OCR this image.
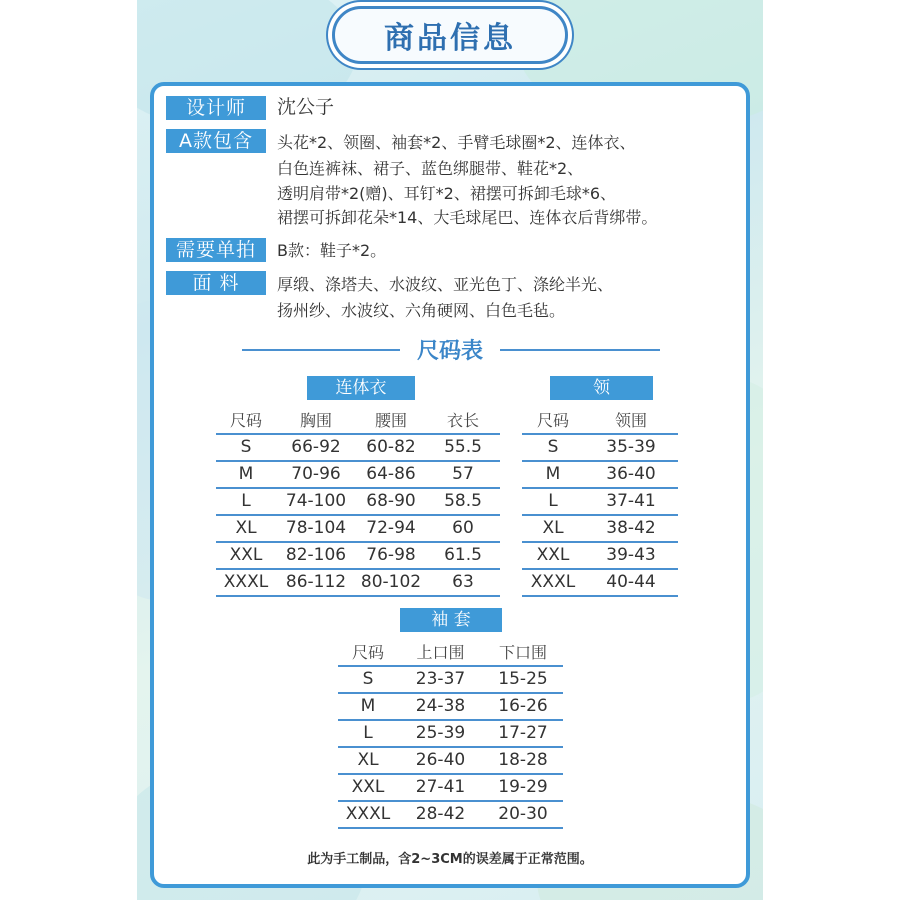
商品信息
设计师	沈公子
A款包含	头花*2、领圈、袖套*2、手臂毛球圈*2、连体衣、
白色连裤袜、裙子、蓝色绑腿带、鞋花*2、
透明肩带*2(赠)、耳钉*2、裙摆可拆卸毛球*6、
裙摆可拆卸花朵*14、大毛球尾巴、连体衣后背绑带。
需要单拍	B款：鞋子*2。
面 料	厚缎、涤塔夫、水波纹、亚光色丁、涤纶半光、
扬州纱、水波纹、六角硬网、白色毛毡。
尺码表
连体衣
尺码	胸围	腰围	衣长
S	66-92	60-82	55.5
M	70-96	64-86	57
L	74-100	68-90	58.5
XL	78-104	72-94	60
XXL	82-106	76-98	61.5
XXXL	86-112 80-102	63
领
尺码	领围
S	35-39
M	36-40
L	37-41
XL	38-42
XXL	39-43
XXXL	40-44
袖 套
尺码	上口围	下口围
S	23-37	15-25
M	24-38	16-26
L	25-39	17-27
XL	26-40	18-28
XXL	27-41	19-29
XXXL	28-42	20-30
此为手工制品，含2~3CM的误差属于正常范围。
